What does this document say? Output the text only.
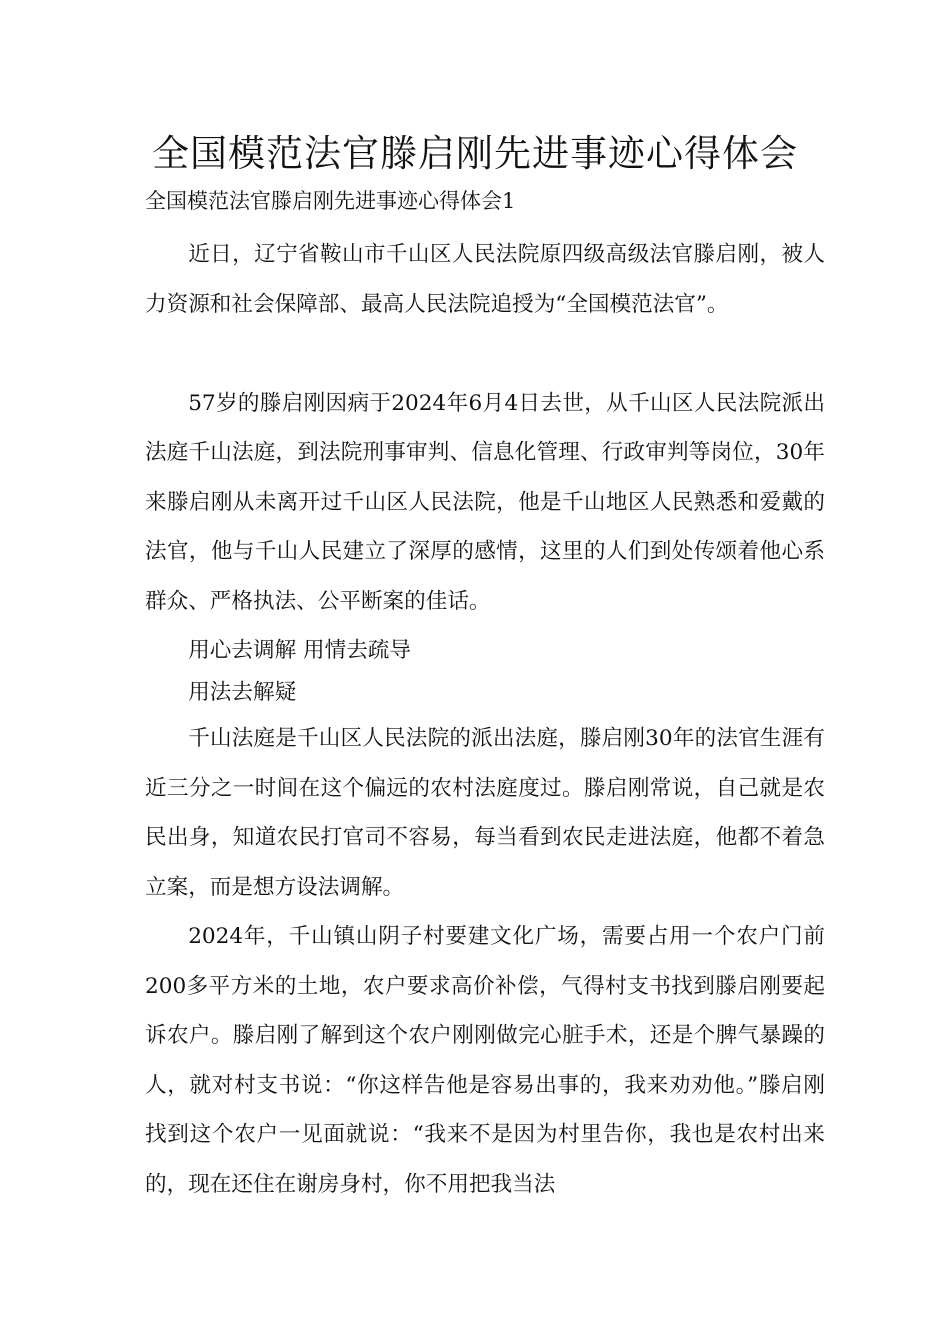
全国模范法官滕启刚先进事迹心得体会

全国模范法官滕启刚先进事迹心得体会1

近日，辽宁省鞍山市千山区人民法院原四级高级法官滕启刚，被人力资源和社会保障部、最高人民法院追授为“全国模范法官”。

57岁的滕启刚因病于2024年6月4日去世，从千山区人民法院派出法庭千山法庭，到法院刑事审判、信息化管理、行政审判等岗位，30年来滕启刚从未离开过千山区人民法院，他是千山地区人民熟悉和爱戴的法官，他与千山人民建立了深厚的感情，这里的人们到处传颂着他心系群众、严格执法、公平断案的佳话。

用心去调解 用情去疏导

用法去解疑

千山法庭是千山区人民法院的派出法庭，滕启刚30年的法官生涯有近三分之一时间在这个偏远的农村法庭度过。滕启刚常说，自己就是农民出身，知道农民打官司不容易，每当看到农民走进法庭，他都不着急立案，而是想方设法调解。

2024年，千山镇山阴子村要建文化广场，需要占用一个农户门前200多平方米的土地，农户要求高价补偿，气得村支书找到滕启刚要起诉农户。滕启刚了解到这个农户刚刚做完心脏手术，还是个脾气暴躁的人，就对村支书说：“你这样告他是容易出事的，我来劝劝他。”滕启刚找到这个农户一见面就说：“我来不是因为村里告你，我也是农村出来的，现在还住在谢房身村，你不用把我当法
